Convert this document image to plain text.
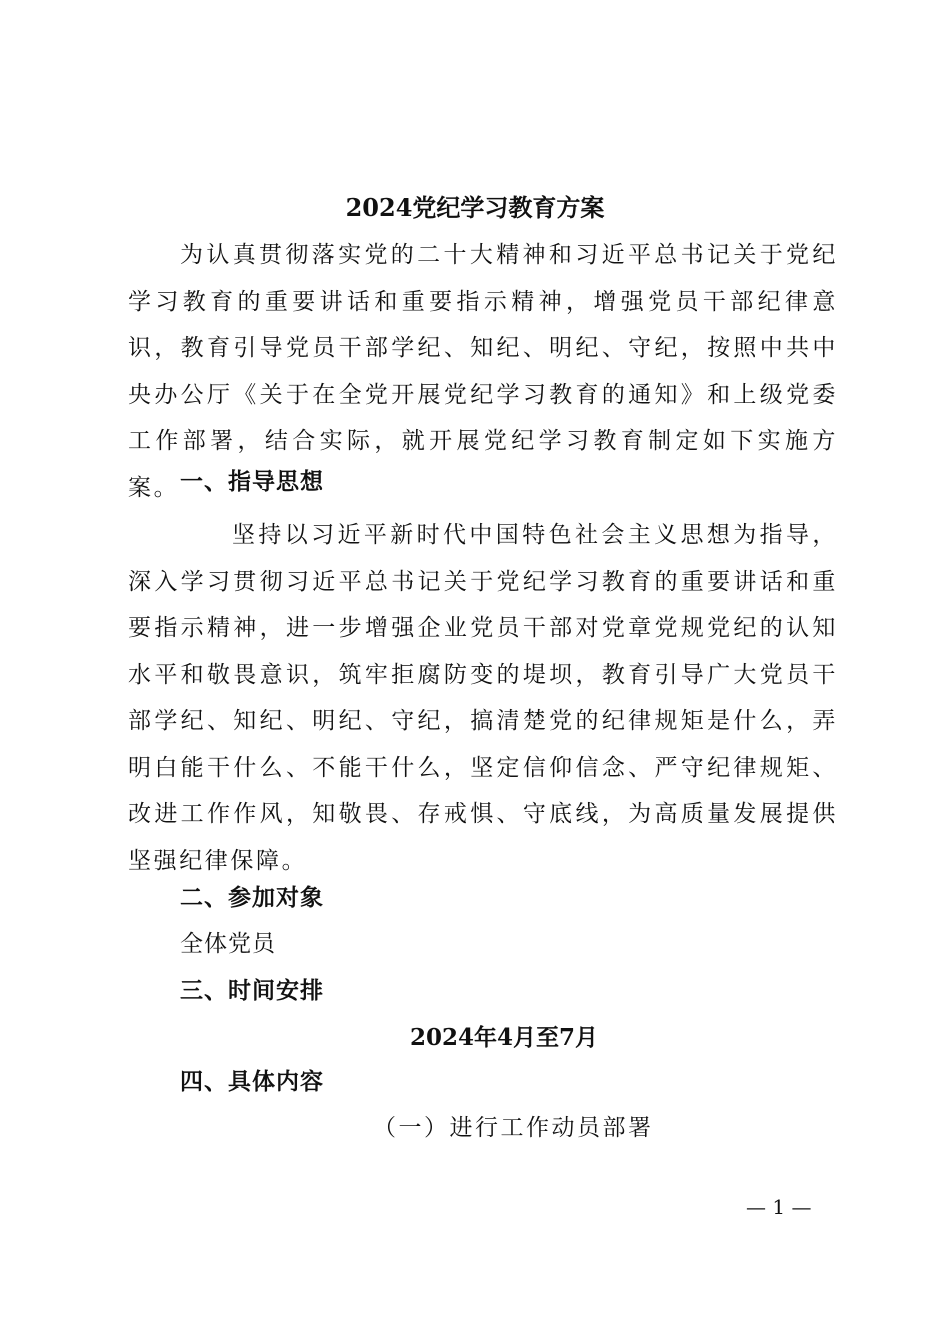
2024党纪学习教育方案
为认真贯彻落实党的二十大精神和习近平总书记关于党纪学习教育的重要讲话和重要指示精神，增强党员干部纪律意识，教育引导党员干部学纪、知纪、明纪、守纪，按照中共中央办公厅《关于在全党开展党纪学习教育的通知》和上级党委工作部署，结合实际，就开展党纪学习教育制定如下实施方案。 一、指导思想
坚持以习近平新时代中国特色社会主义思想为指导，深入学习贯彻习近平总书记关于党纪学习教育的重要讲话和重要指示精神，进一步增强企业党员干部对党章党规党纪的认知水平和敬畏意识，筑牢拒腐防变的堤坝，教育引导广大党员干部学纪、知纪、明纪、守纪，搞清楚党的纪律规矩是什么，弄明白能干什么、不能干什么，坚定信仰信念、严守纪律规矩、改进工作作风，知敬畏、存戒惧、守底线，为高质量发展提供坚强纪律保障。
二、参加对象
全体党员
三、时间安排
2024年4月至7月
四、具体内容
（一）进行工作动员部署
— 1 —
